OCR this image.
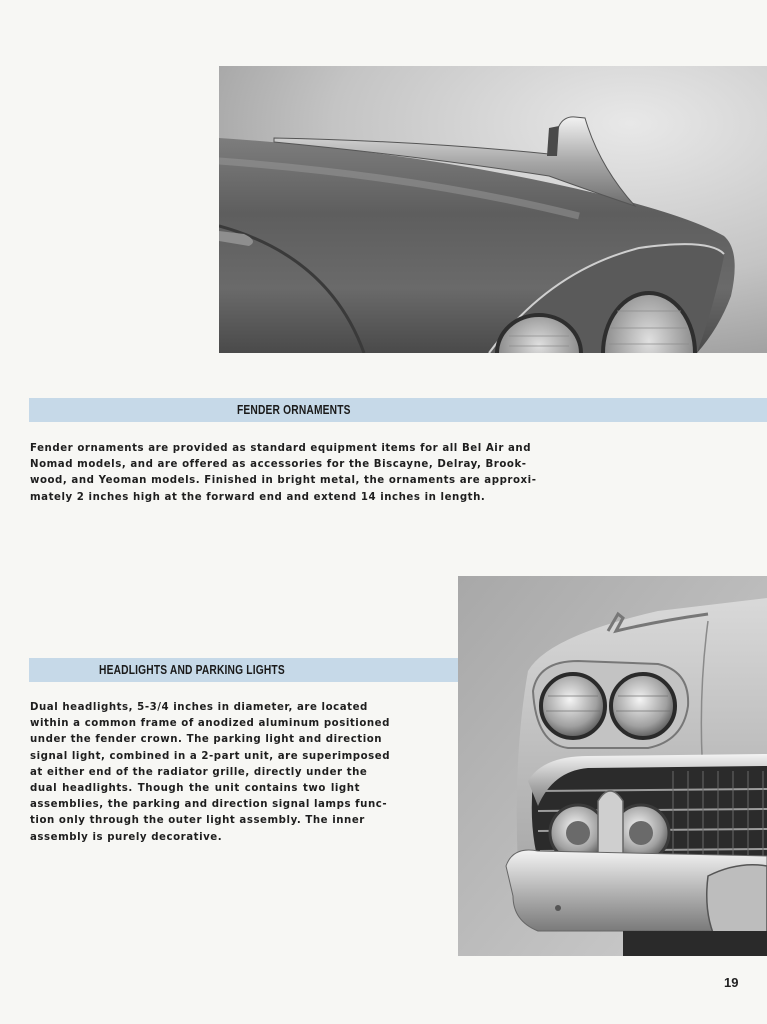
FENDER ORNAMENTS
Fender ornaments are provided as standard equipment items for all Bel Air and
Nomad models, and are offered as accessories for the Biscayne, Delray, Brook-
wood, and Yeoman models. Finished in bright metal, the ornaments are approxi-
mately 2 inches high at the forward end and extend 14 inches in length.
HEADLIGHTS AND PARKING LIGHTS
Dual headlights, 5-3/4 inches in diameter, are located
within a common frame of anodized aluminum positioned
under the fender crown. The parking light and direction
signal light, combined in a 2-part unit, are superimposed
at either end of the radiator grille, directly under the
dual headlights. Though the unit contains two light
assemblies, the parking and direction signal lamps func-
tion only through the outer light assembly. The inner
assembly is purely decorative.
19
